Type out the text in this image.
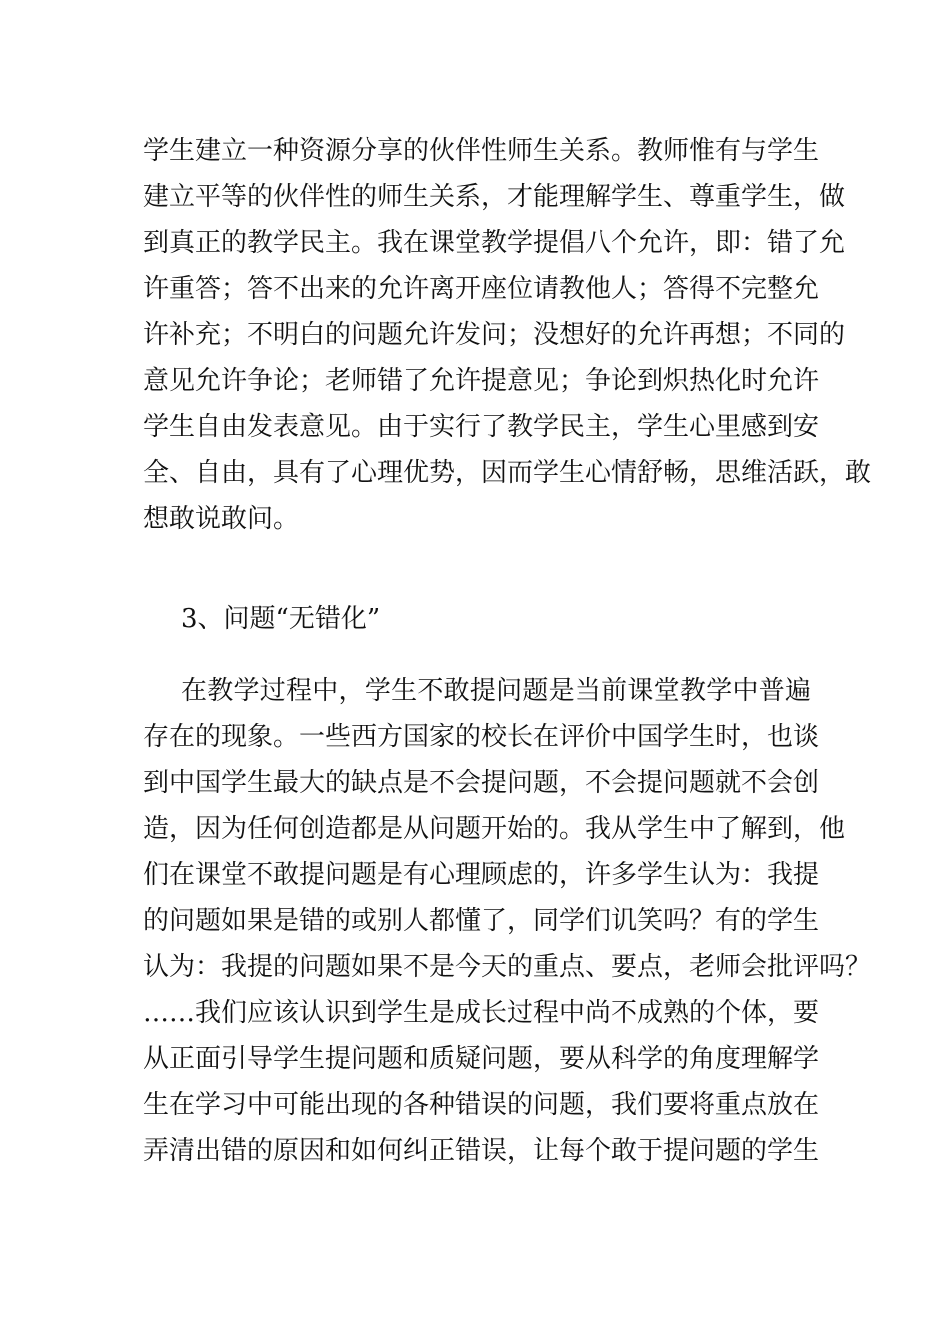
学生建立一种资源分享的伙伴性师生关系。教师惟有与学生
建立平等的伙伴性的师生关系，才能理解学生、尊重学生，做
到真正的教学民主。我在课堂教学提倡八个允许，即：错了允
许重答；答不出来的允许离开座位请教他人；答得不完整允
许补充；不明白的问题允许发问；没想好的允许再想；不同的
意见允许争论；老师错了允许提意见；争论到炽热化时允许
学生自由发表意见。由于实行了教学民主，学生心里感到安
全、自由，具有了心理优势，因而学生心情舒畅，思维活跃，敢
想敢说敢问。
3、问题“无错化”
在教学过程中，学生不敢提问题是当前课堂教学中普遍
存在的现象。一些西方国家的校长在评价中国学生时，也谈
到中国学生最大的缺点是不会提问题，不会提问题就不会创
造，因为任何创造都是从问题开始的。我从学生中了解到，他
们在课堂不敢提问题是有心理顾虑的，许多学生认为：我提
的问题如果是错的或别人都懂了，同学们讥笑吗？有的学生
认为：我提的问题如果不是今天的重点、要点，老师会批评吗？
……我们应该认识到学生是成长过程中尚不成熟的个体，要
从正面引导学生提问题和质疑问题，要从科学的角度理解学
生在学习中可能出现的各种错误的问题，我们要将重点放在
弄清出错的原因和如何纠正错误，让每个敢于提问题的学生
